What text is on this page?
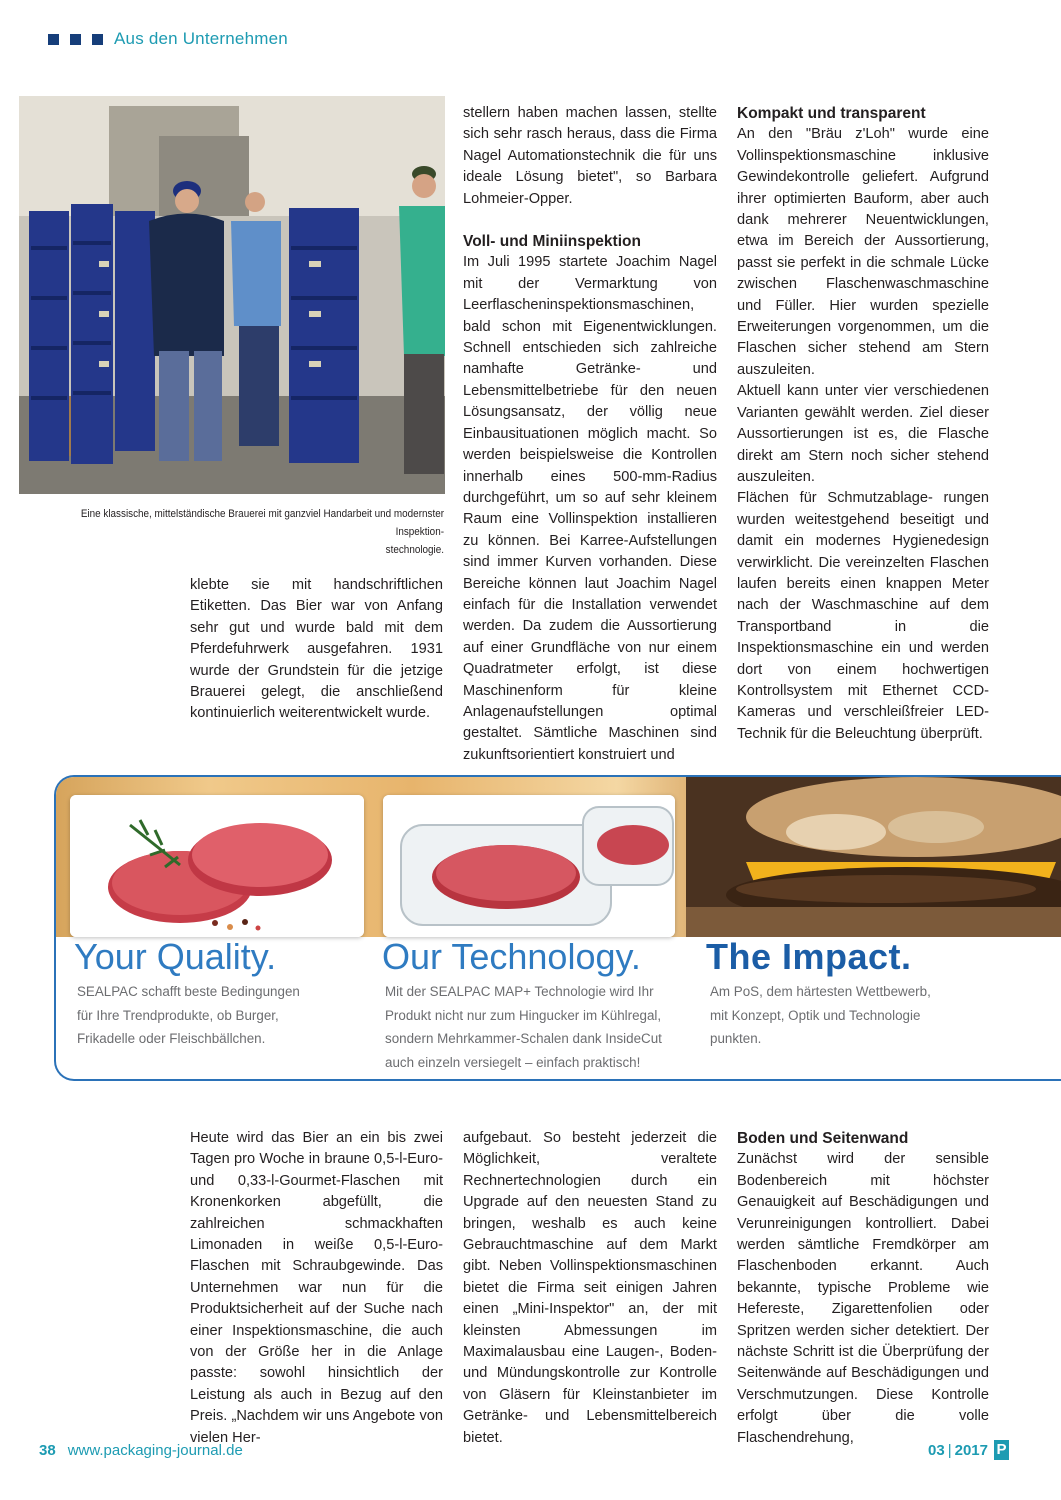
Aus den Unternehmen
Eine klassische, mittelständische Brauerei mit ganzviel Handarbeit und modernster Inspektion-
stechnologie.

klebte sie mit handschriftlichen Etiketten. Das Bier war von Anfang sehr gut und wurde bald mit dem Pferdefuhrwerk ausgefahren. 1931 wurde der Grundstein für die jetzige Brauerei gelegt, die anschließend kontinuierlich weiterentwickelt wurde.

stellern haben machen lassen, stellte sich sehr rasch heraus, dass die Firma Nagel Automationstechnik die für uns ideale Lösung bietet", so Barbara Lohmeier-Opper.

Voll- und Miniinspektion

Im Juli 1995 startete Joachim Nagel mit der Vermarktung von Leerflascheninspektionsmaschinen, bald schon mit Eigenentwicklungen. Schnell entschieden sich zahlreiche namhafte Getränke- und Lebensmittelbetriebe für den neuen Lösungsansatz, der völlig neue Einbausituationen möglich macht. So werden beispielsweise die Kontrollen innerhalb eines 500-mm-Radius durchgeführt, um so auf sehr kleinem Raum eine Vollinspektion installieren zu können. Bei Karree-Aufstellungen sind immer Kurven vorhanden. Diese Bereiche können laut Joachim Nagel einfach für die Installation verwendet werden. Da zudem die Aussortierung auf einer Grundfläche von nur einem Quadratmeter erfolgt, ist diese Maschinenform für kleine Anlagenaufstellungen optimal gestaltet. Sämtliche Maschinen sind zukunftsorientiert konstruiert und

Kompakt und transparent

An den "Bräu z'Loh" wurde eine Vollinspektionsmaschine inklusive Gewindekontrolle geliefert. Aufgrund ihrer optimierten Bauform, aber auch dank mehrerer Neuentwicklungen, etwa im Bereich der Aussortierung, passt sie perfekt in die schmale Lücke zwischen Flaschenwaschmaschine und Füller. Hier wurden spezielle Erweiterungen vorgenommen, um die Flaschen sicher stehend am Stern auszuleiten.

Aktuell kann unter vier verschiedenen Varianten gewählt werden. Ziel dieser Aussortierungen ist es, die Flasche direkt am Stern noch sicher stehend auszuleiten.

Flächen für Schmutzablage- rungen wurden weitestgehend beseitigt und damit ein modernes Hygienedesign verwirklicht. Die vereinzelten Flaschen laufen bereits einen knappen Meter nach der Waschmaschine auf dem Transportband in die Inspektionsmaschine ein und werden dort von einem hochwertigen Kontrollsystem mit Ethernet CCD-Kameras und verschleißfreier LED-Technik für die Beleuchtung überprüft.

Your Quality.	Our Technology. The Impact.

SEALPAC schafft beste Bedingungen

für Ihre Trendprodukte, ob Burger,

Frikadelle oder Fleischbällchen.

Mit der SEALPAC MAP+ Technologie wird Ihr

Produkt nicht nur zum Hingucker im Kühlregal,

sondern Mehrkammer-Schalen dank InsideCut

auch einzeln versiegelt – einfach praktisch!

Am PoS, dem härtesten Wettbewerb,

mit Konzept, Optik und Technologie

punkten.

Heute wird das Bier an ein bis zwei Tagen pro Woche in braune 0,5-l-Euro- und 0,33-l-Gourmet-Flaschen mit Kronenkorken abgefüllt, die zahlreichen schmackhaften Limonaden in weiße 0,5-l-Euro-Flaschen mit Schraubgewinde. Das Unternehmen war nun für die Produktsicherheit auf der Suche nach einer Inspektionsmaschine, die auch von der Größe her in die Anlage passte: sowohl hinsichtlich der Leistung als auch in Bezug auf den Preis. „Nachdem wir uns Angebote von vielen Her-

aufgebaut. So besteht jederzeit die Möglichkeit, veraltete Rechnertechnologien durch ein Upgrade auf den neuesten Stand zu bringen, weshalb es auch keine Gebrauchtmaschine auf dem Markt gibt. Neben Vollinspektionsmaschinen bietet die Firma seit einigen Jahren einen „Mini-Inspektor" an, der mit kleinsten Abmessungen im Maximalausbau eine Laugen-, Boden- und Mündungskontrolle zur Kontrolle von Gläsern für Kleinstanbieter im Getränke- und Lebensmittelbereich bietet.

Boden und Seitenwand

Zunächst wird der sensible Bodenbereich mit höchster Genauigkeit auf Beschädigungen und Verunreinigungen kontrolliert. Dabei werden sämtliche Fremdkörper am Flaschenboden erkannt. Auch bekannte, typische Probleme wie Hefereste, Zigarettenfolien oder Spritzen werden sicher detektiert. Der nächste Schritt ist die Überprüfung der Seitenwände auf Beschädigungen und Verschmutzungen. Diese Kontrolle erfolgt über die volle Flaschendrehung,

38 www.packaging-journal.de	03 | 2017 P
